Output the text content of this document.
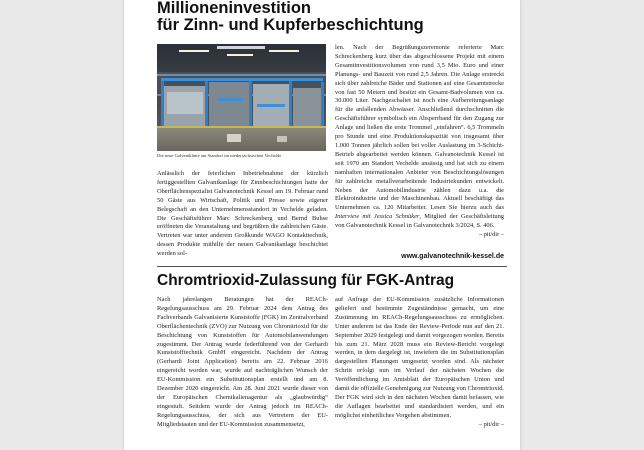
Millioneninvestition
für Zinn- und Kupferbeschichtung
Die neue Galvaniklinie am Standort im niedersächsischen Vechelde

Anlässlich der feierlichen Inbetriebnahme der kürzlich fertiggestellten Galvanikanlage für Zinnbeschichtungen hatte der Oberflächenspezialist Galvanotechnik Kessel am 19. Februar rund 50 Gäste aus Wirtschaft, Politik und Presse sowie eigener Belegschaft an den Unternehmensstandort in Vechelde geladen. Die Geschäftsführer Marc Schreckenberg und Bernd Buhse eröffneten die Veranstaltung und begrüßten die zahlreichen Gäste. Vertreten war unter anderem Großkunde WAGO Kontakttechnik, dessen Produkte mithilfe der neuen Galvanikanlage beschichtet werden sol-

len. Nach der Begrüßungszeremonie referierte Marc Schreckenberg kurz über das abgeschlossene Projekt mit einem Gesamtinvestitionsvolumen von rund 3,5 Mio. Euro und einer Planungs- und Bauzeit von rund 2,5 Jahren. Die Anlage erstreckt sich über zahlreiche Bäder und Stationen auf eine Gesamtstrecke von fast 50 Metern und besitzt ein Gesamt-Badvolumen von ca. 30.000 Liter. Nachgeschaltet ist noch eine Aufbereitungsanlage für die anfallenden Abwässer. Anschließend durchschnitten die Geschäftsführer symbolisch ein Absperrband für den Zugang zur Anlage und ließen die erste Trommel „einfahren“. 6,5 Trommeln pro Stunde und eine Produktionskapazität von insgesamt über 1.000 Tonnen jährlich sollen bei voller Auslastung im 3-Schicht-Betrieb abgearbeitet werden können. Galvanotechnik Kessel ist seit 1970 am Standort Vechelde ansässig und hat sich zu einem namhaften internationalen Anbieter von Beschichtungslösungen für zahlreiche metallverarbeitende Industriekunden entwickelt. Neben der Automobilindustrie zählen dazu u.a. die Elektroindustrie und der Maschinenbau. Aktuell beschäftigt das Unternehmen ca. 120 Mitarbeiter. Lesen Sie hierzu auch das Interview mit Jessica Schnüker, Mitglied der Geschäftsleitung von Galvanotechnik Kessel in Galvanotechnik 3/2024, S. 406.
– pit/dir –

www.galvanotechnik-kessel.de
Chromtrioxid-Zulassung für FGK-Antrag

Nach jahrelangen Beratungen hat der REACh-Regelungsausschuss am 29. Februar 2024 dem Antrag des Fachverbands Galvanisierte Kunststoffe (FGK) im Zentralverband Oberflächentechnik (ZVO) zur Nutzung von Chromtrioxid für die Beschichtung von Kunststoffen für Automobilanwendungen zugestimmt. Der Antrag wurde federführend von der Gerhardi Kunststofftechnik GmbH eingereicht. Nachdem der Antrag (Gerhardi Joint Application) bereits am 22. Februar 2016 eingereicht worden war, wurde auf nachträglichen Wunsch der EU-Kommission ein Substitutionsplan erstellt und am 8. Dezember 2020 eingereicht. Am 28. Juni 2021 wurde dieser von der Europäischen Chemikalienagentur als „glaubwürdig“ eingestuft. Seitdem wurde der Antrag jedoch im REACh-Regelungsausschuss, der sich aus Vertretern der EU-Mitgliedstaaten und der EU-Kommission zusammensetzt,

auf Anfrage der EU-Kommission zusätzliche Informationen geliefert und bestimmte Zugeständnisse gemacht, um eine Zustimmung im REACh-Regelungsausschuss zu ermöglichen. Unter anderem ist das Ende der Review-Periode nun auf den 21. September 2029 festgelegt und damit vorgezogen worden. Bereits bis zum 21. März 2028 muss ein Review-Bericht vorgelegt werden, in dem dargelegt ist, inwiefern die im Substitutionsplan dargestellten Planungen umgesetzt worden sind. Als nächster Schritt erfolgt nun im Verlauf der nächsten Wochen die Veröffentlichung im Amtsblatt der Europäischen Union und damit die offizielle Genehmigung zur Nutzung von Chromtrioxid. Der FGK wird sich in den nächsten Wochen damit befassen, wie die Auflagen bearbeitet und standardisiert werden, und ein möglichst einheitliches Vorgehen abstimmen.
– pit/dir –
